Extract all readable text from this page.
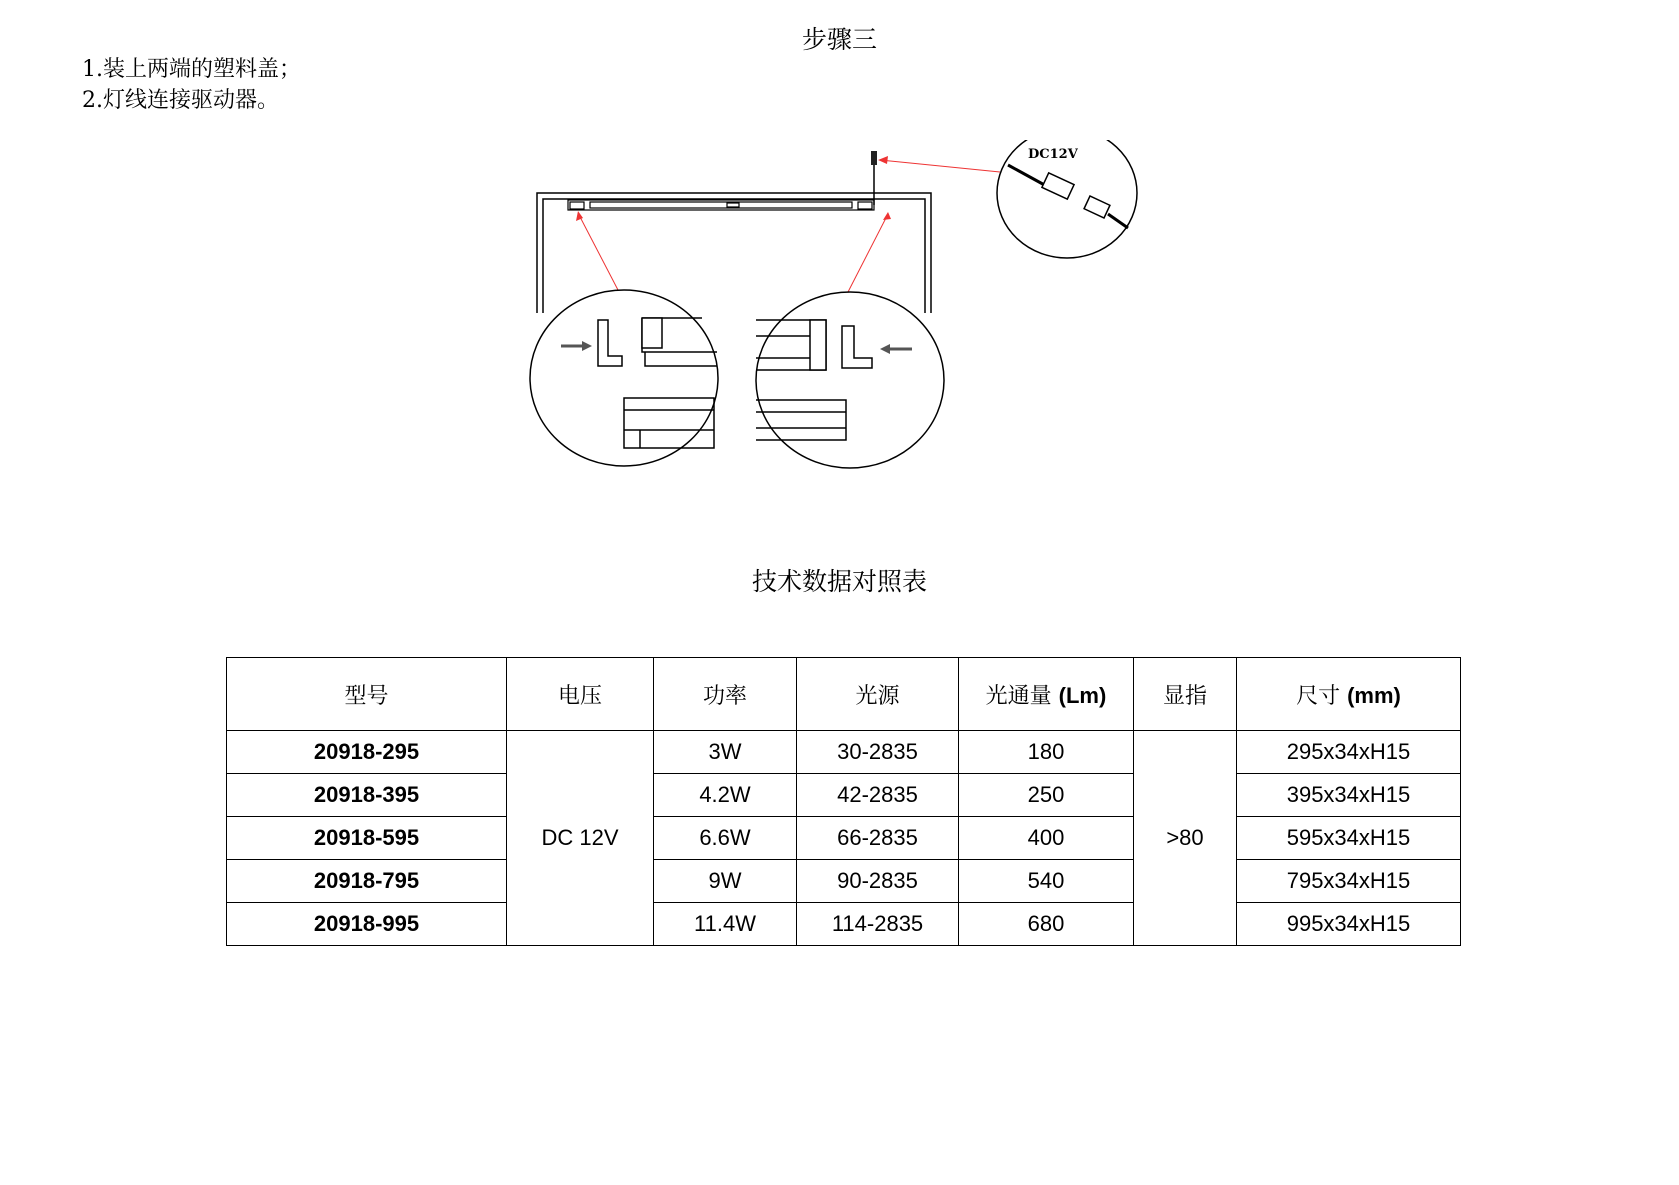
步骤三
1.装上两端的塑料盖；
2.灯线连接驱动器。
DC12V
技术数据对照表
型号	电压	功率	光源	光通量 (Lm)	显指	尺寸 (mm)
20918-295	DC 12V	3W	30-2835	180	>80	295x34xH15
20918-395		4.2W	42-2835	250		395x34xH15
20918-595		6.6W	66-2835	400		595x34xH15
20918-795		9W	90-2835	540		795x34xH15
20918-995		11.4W	114-2835	680		995x34xH15
